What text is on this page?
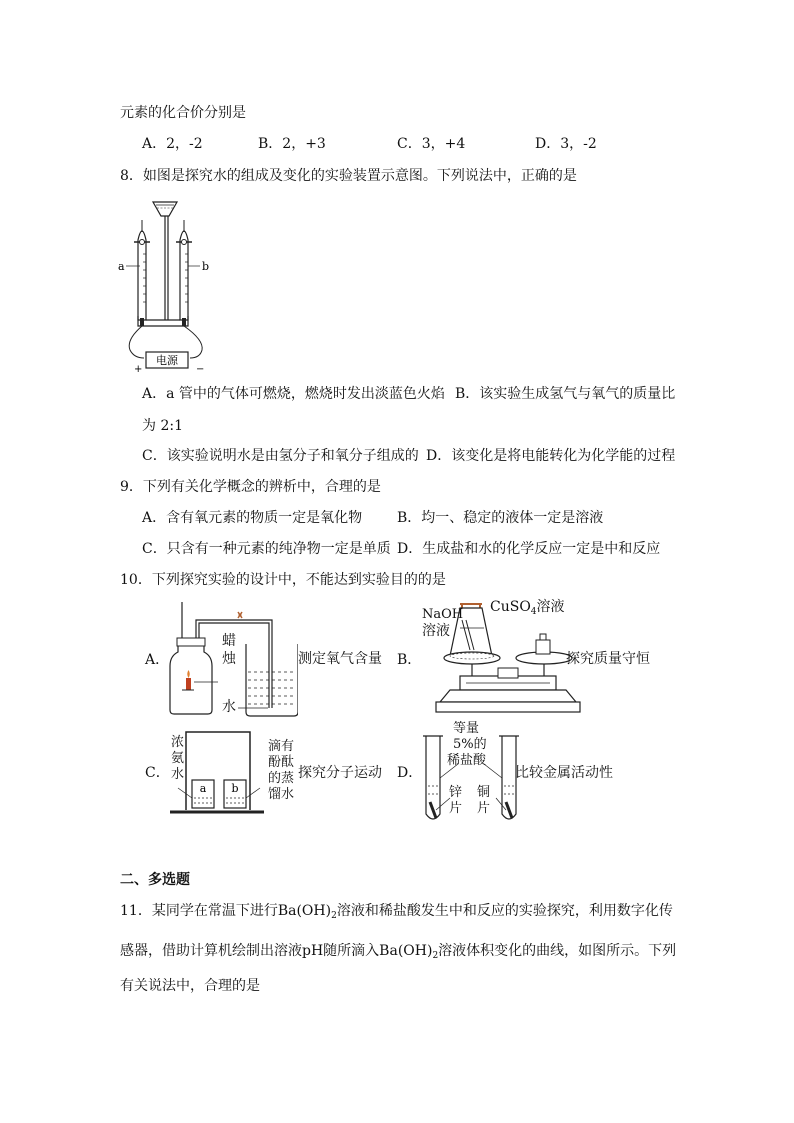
元素的化合价分别是
A．2，-2	B．2，+3	C．3，+4	D．3，-2
8．如图是探究水的组成及变化的实验装置示意图。下列说法中，正确的是
电源
+	−
a	b
A．a 管中的气体可燃烧，燃烧时发出淡蓝色火焰 B．该实验生成氢气与氧气的质量比
为 2:1
C．该实验说明水是由氢分子和氧分子组成的 D．该变化是将电能转化为化学能的过程
9．下列有关化学概念的辨析中，合理的是
A．含有氧元素的物质一定是氧化物 B．均一、稳定的液体一定是溶液
C．只含有一种元素的纯净物一定是单质 D．生成盐和水的化学反应一定是中和反应
10．下列探究实验的设计中，不能达到实验目的的是
A．
蜡
烛
水
测定氧气含量 B．
NaOH
溶液
CuSO$_4$溶液
探究质量守恒
C．
a b
浓
氨
水
滴有
酚酞
的蒸
馏水
探究分子运动 D．
等量
5%的
稀盐酸
锌
片
铜
片
比较金属活动性
二、多选题
11．某同学在常温下进行$Ba(OH)_2$溶液和稀盐酸发生中和反应的实验探究，利用数字化传
感器，借助计算机绘制出溶液pH随所滴入$Ba(OH)_2$溶液体积变化的曲线，如图所示。下列
有关说法中，合理的是
